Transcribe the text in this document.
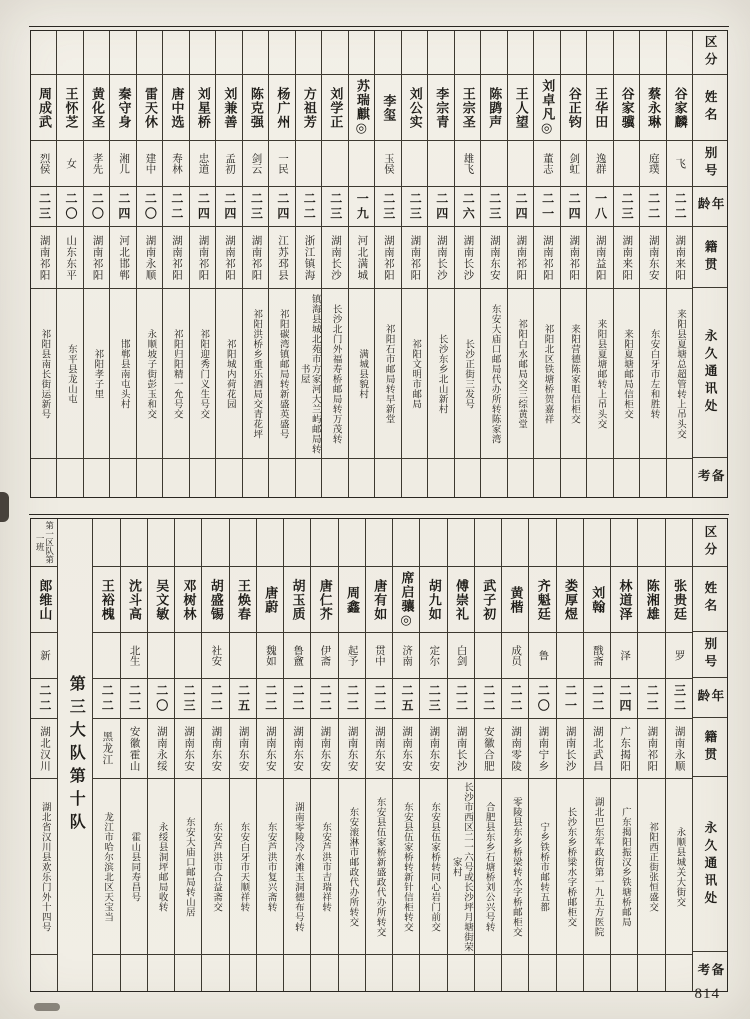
周成武
烈侯
二三
湖南祁阳
祁阳县南长街运新号
王怀芝
女
二〇
山东东平
东平县龙山屯
黄化圣
孝先
二〇
湖南祁阳
祁阳孝子里
秦守身
湘儿
二四
河北邯郸
邯郸县南屯头村
雷天休
建中
二〇
湖南永顺
永顺坡子街彭玉和交
唐中选
寿林
二二
湖南祁阳
祁阳归阳精一允号交
刘星桥
忠道
二四
湖南祁阳
祁阳迎秀门义生号交
刘兼善
孟初
二四
湖南祁阳
祁阳城内荷花园
陈克强
剑云
二三
湖南祁阳
祁阳洪桥乡重乐酒局交青花坪
杨广州
一民
二四
江苏邳县
祁阳碳湾镇邮局转新盛英盛号
方祖芳
二二
浙江镇海
镇海县城北苑市方家河大兰屿邮局转书屋
刘学正
二三
湖南长沙
长沙北门外福寿桥邮局转万茂转
苏瑞麒◎
一九
河北满城
满城县貌村
李玺
玉侯
二三
湖南祁阳
祁阳石市邮局转早新堂
刘公实
二三
湖南祁阳
祁阳文明市邮局
李宗青
二四
湖南长沙
长沙东乡北山新村
王宗圣
雄飞
二六
湖南长沙
长沙正街三发号
陈鹍声
二三
湖南东安
东安大庙口邮局代办所转陈家湾
王人望
二四
湖南祁阳
祁阳白水邮局交三综黄堂
刘卓凡◎
董志
二一
湖南祁阳
祁阳北区铁塘桥贺嘉祥
谷正钧
剑虹
二四
湖南祁阳
来阳营德陈家咀信柜交
王华田
逸群
一八
湖南益阳
来阳县夏塘邮转上吊头交
谷家骥
二三
湖南来阳
来阳夏塘邮局信柜交
蔡永琳
庭璞
二二
湖南东安
东安白牙市左和胜转
谷家麟
飞
二二
湖南来阳
来阳县夏塘总超管转上吊头交
区分
姓名
别号
年龄
籍贯
永久通讯处
备考
第一区队第一班
郎维山
新
二二
湖北汉川
湖北省汉川县欢乐门外十四号
第三大队第十队
王裕槐
二二
黑龙江
龙江市哈尔滨北区天宝当
沈斗高
北生
二二
安徽霍山
霍山县同寿昌号
吴文敏
二〇
湖南永绥
永绥县洞坪邮局收转
邓树林
二三
湖南东安
东安大庙口邮局转山居
胡盛锡
社安
二二
湖南东安
东安芦洪市合益斋交
王焕春
二五
湖南东安
东安白牙市天顺祥转
唐蔚
魏如
二二
湖南东安
东安芦洪市复兴斋转
胡玉质
鲁盦
二二
湖南东安
湖南零陵冷水滩玉洞德布号转
唐仁芥
伊斋
二二
湖南东安
东安芦洪市吉瑞祥转
周鑫
起予
二二
湖南东安
东安滚淋市邮政代办所转交
唐有如
贯中
二二
湖南东安
东安县伍家桥新盛政代办所转交
席启骧◎
济南
二五
湖南东安
东安县伍家桥转新针信柜转交
胡九如
定尔
二三
湖南东安
东安县伍家桥转同心岩门前交
傅崇礼
白剑
二二
湖南长沙
长沙市西区二一六号或长沙坪月塘街荣家村
武子初
二二
安徽合肥
合肥县东乡石塘桥刘公兴号转
黄楷
成员
二二
湖南零陵
零陵县东乡桥梁转水字桥邮柜交
齐魁廷
鲁
二〇
湖南宁乡
宁乡铁桥市邮转五都
娄厚煜
二一
湖南长沙
长沙东乡桥梁水字桥邮柜交
刘翰
戬斋
二二
湖北武昌
湖北巴东军政街第一九五方医院
林道泽
泽
二四
广东揭阳
广东揭阳振汉乡铁塘桥邮局
陈湘雄
二二
湖南祁阳
祁阳西正街张恒盛交
张贵廷
罗
三二
湖南永顺
永顺县城关大街交
区分
姓名
别号
年龄
籍贯
永久通讯处
备考
814
